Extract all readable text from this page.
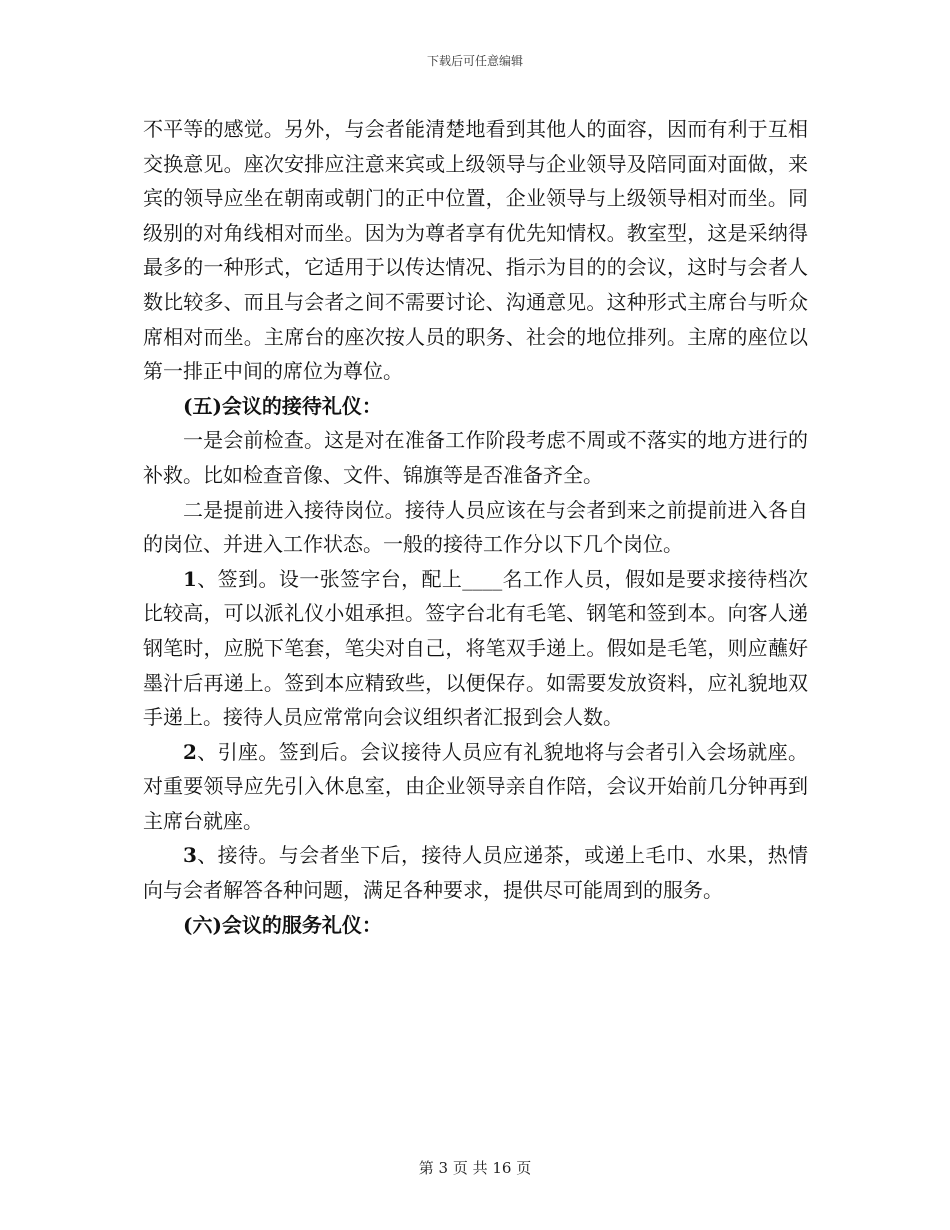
下载后可任意编辑

不平等的感觉。另外，与会者能清楚地看到其他人的面容，因而有利于互相交换意见。座次安排应注意来宾或上级领导与企业领导及陪同面对面做，来宾的领导应坐在朝南或朝门的正中位置，企业领导与上级领导相对而坐。同级别的对角线相对而坐。因为为尊者享有优先知情权。教室型，这是采纳得最多的一种形式，它适用于以传达情况、指示为目的的会议，这时与会者人数比较多、而且与会者之间不需要讨论、沟通意见。这种形式主席台与听众席相对而坐。主席台的座次按人员的职务、社会的地位排列。主席的座位以第一排正中间的席位为尊位。

(五)会议的接待礼仪：

一是会前检查。这是对在准备工作阶段考虑不周或不落实的地方进行的补救。比如检查音像、文件、锦旗等是否准备齐全。

二是提前进入接待岗位。接待人员应该在与会者到来之前提前进入各自的岗位、并进入工作状态。一般的接待工作分以下几个岗位。

1、签到。设一张签字台，配上____名工作人员，假如是要求接待档次比较高，可以派礼仪小姐承担。签字台北有毛笔、钢笔和签到本。向客人递钢笔时，应脱下笔套，笔尖对自己，将笔双手递上。假如是毛笔，则应蘸好墨汁后再递上。签到本应精致些，以便保存。如需要发放资料，应礼貌地双手递上。接待人员应常常向会议组织者汇报到会人数。

2、引座。签到后。会议接待人员应有礼貌地将与会者引入会场就座。对重要领导应先引入休息室，由企业领导亲自作陪，会议开始前几分钟再到主席台就座。

3、接待。与会者坐下后，接待人员应递茶，或递上毛巾、水果，热情向与会者解答各种问题，满足各种要求，提供尽可能周到的服务。

(六)会议的服务礼仪：

第 3 页 共 16 页
